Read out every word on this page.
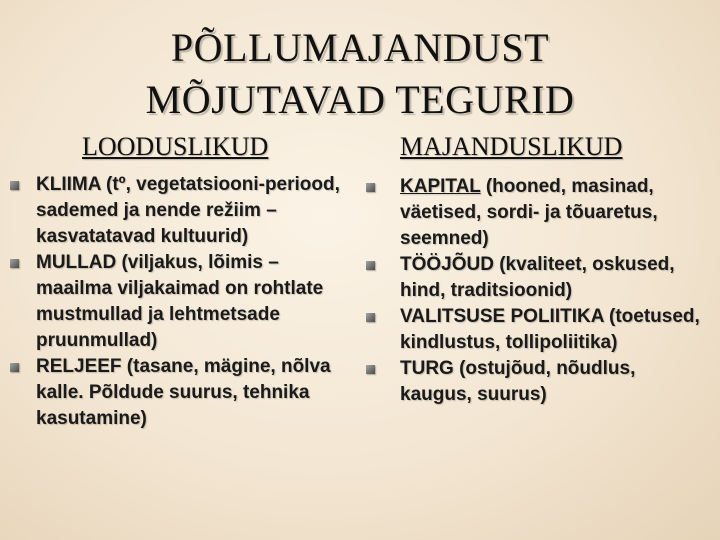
PÕLLUMAJANDUST
MÕJUTAVAD TEGURID
LOODUSLIKUD	MAJANDUSLIKUD
KLIIMA (tº, vegetatsiooni-periood, sademed ja nende režiim – kasvatatavad kultuurid)
MULLAD (viljakus, lõimis – maailma viljakaimad on rohtlate mustmullad ja lehtmetsade pruunmullad)
RELJEEF (tasane, mägine, nõlva kalle. Põldude suurus, tehnika kasutamine)
KAPITAL (hooned, masinad, väetised, sordi- ja tõuaretus, seemned)
TÖÖJÕUD (kvaliteet, oskused, hind, traditsioonid)
VALITSUSE POLIITIKA (toetused, kindlustus, tollipoliitika)
TURG (ostujõud, nõudlus, kaugus, suurus)
